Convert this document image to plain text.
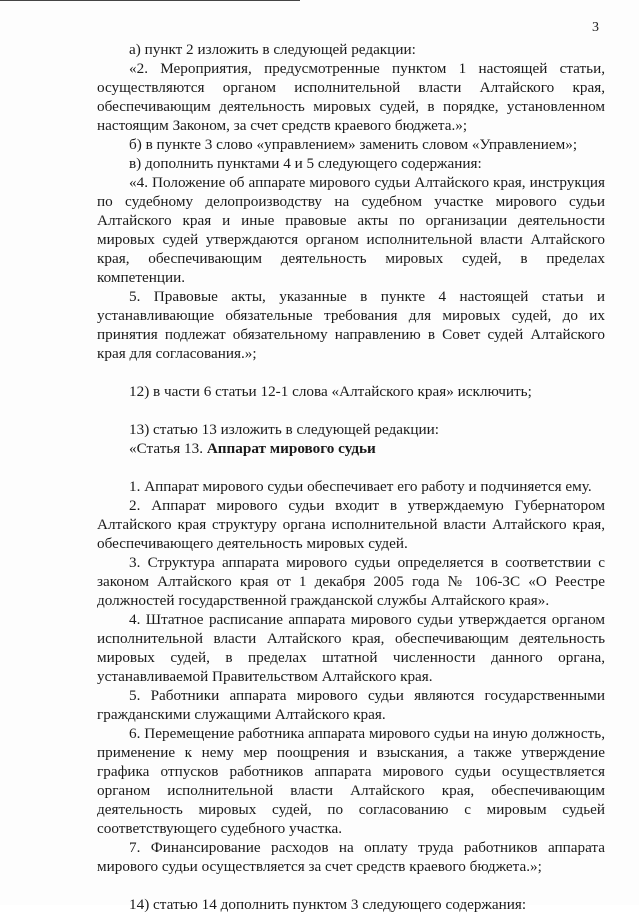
3

а) пункт 2 изложить в следующей редакции:

«2. Мероприятия, предусмотренные пунктом 1 настоящей статьи, осуществляются органом исполнительной власти Алтайского края, обеспечивающим деятельность мировых судей, в порядке, установленном настоящим Законом, за счет средств краевого бюджета.»;

б) в пункте 3 слово «управлением» заменить словом «Управлением»;

в) дополнить пунктами 4 и 5 следующего содержания:

«4. Положение об аппарате мирового судьи Алтайского края, инструкция по судебному делопроизводству на судебном участке мирового судьи Алтайского края и иные правовые акты по организации деятельности мировых судей утверждаются органом исполнительной власти Алтайского края, обеспечивающим деятельность мировых судей, в пределах компетенции.

5. Правовые акты, указанные в пункте 4 настоящей статьи и устанавливающие обязательные требования для мировых судей, до их принятия подлежат обязательному направлению в Совет судей Алтайского края для согласования.»;

12) в части 6 статьи 12-1 слова «Алтайского края» исключить;

13) статью 13 изложить в следующей редакции:

«Статья 13. Аппарат мирового судьи

1. Аппарат мирового судьи обеспечивает его работу и подчиняется ему.

2. Аппарат мирового судьи входит в утверждаемую Губернатором Алтайского края структуру органа исполнительной власти Алтайского края, обеспечивающего деятельность мировых судей.

3. Структура аппарата мирового судьи определяется в соответствии с законом Алтайского края от 1 декабря 2005 года № 106-ЗС «О Реестре должностей государственной гражданской службы Алтайского края».

4. Штатное расписание аппарата мирового судьи утверждается органом исполнительной власти Алтайского края, обеспечивающим деятельность мировых судей, в пределах штатной численности данного органа, устанавливаемой Правительством Алтайского края.

5. Работники аппарата мирового судьи являются государственными гражданскими служащими Алтайского края.

6. Перемещение работника аппарата мирового судьи на иную должность, применение к нему мер поощрения и взыскания, а также утверждение графика отпусков работников аппарата мирового судьи осуществляется органом исполнительной власти Алтайского края, обеспечивающим деятельность мировых судей, по согласованию с мировым судьей соответствующего судебного участка.

7. Финансирование расходов на оплату труда работников аппарата мирового судьи осуществляется за счет средств краевого бюджета.»;

14) статью 14 дополнить пунктом 3 следующего содержания:
